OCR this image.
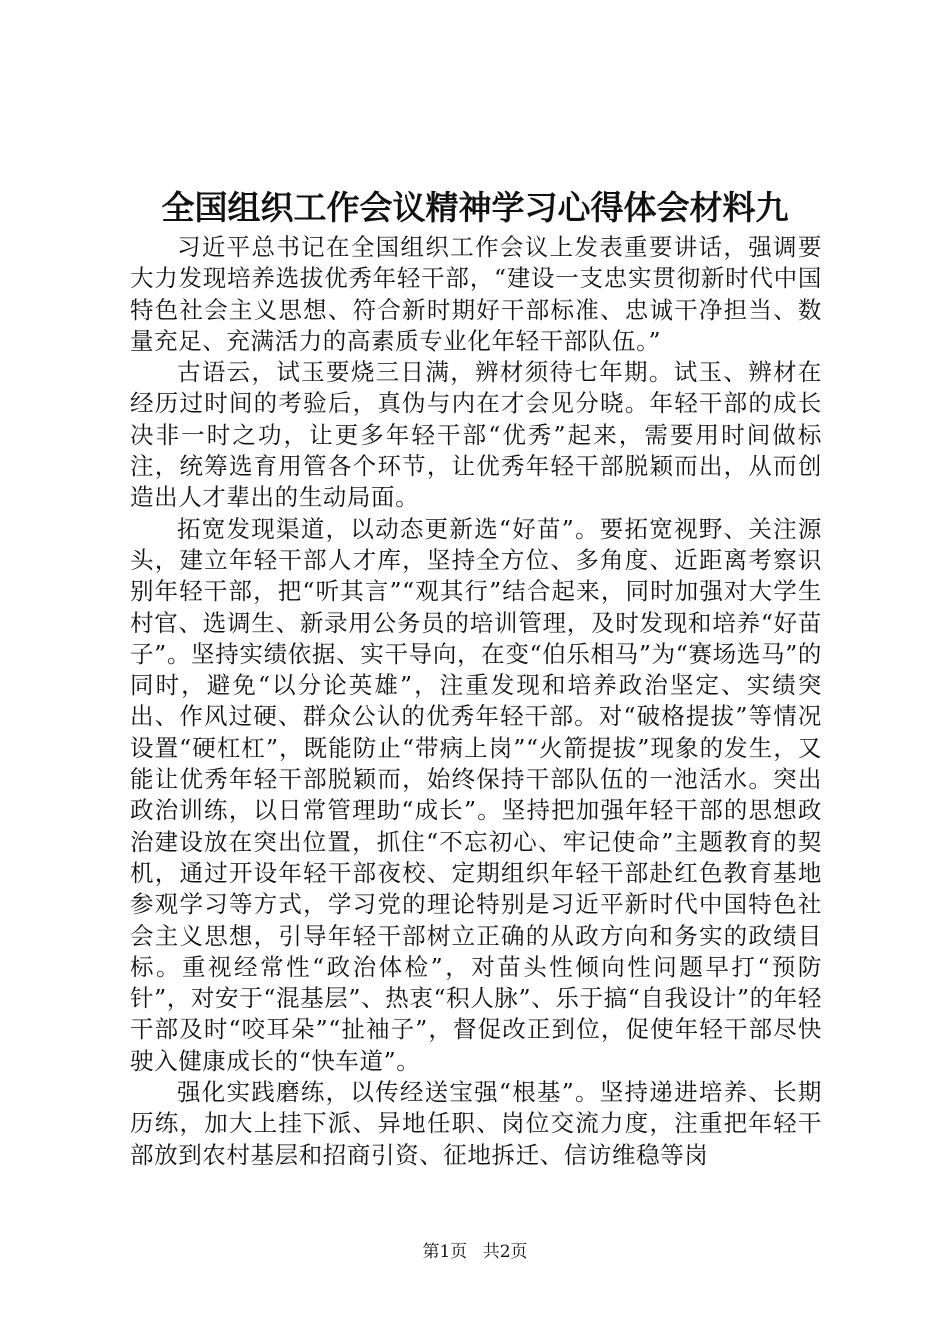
全国组织工作会议精神学习心得体会材料九

习近平总书记在全国组织工作会议上发表重要讲话，强调要大力发现培养选拔优秀年轻干部，“建设一支忠实贯彻新时代中国特色社会主义思想、符合新时期好干部标准、忠诚干净担当、数量充足、充满活力的高素质专业化年轻干部队伍。”

古语云，试玉要烧三日满，辨材须待七年期。试玉、辨材在经历过时间的考验后，真伪与内在才会见分晓。年轻干部的成长决非一时之功，让更多年轻干部“优秀”起来，需要用时间做标注，统筹选育用管各个环节，让优秀年轻干部脱颖而出，从而创造出人才辈出的生动局面。

拓宽发现渠道，以动态更新选“好苗”。要拓宽视野、关注源头，建立年轻干部人才库，坚持全方位、多角度、近距离考察识别年轻干部，把“听其言”“观其行”结合起来，同时加强对大学生村官、选调生、新录用公务员的培训管理，及时发现和培养“好苗子”。坚持实绩依据、实干导向，在变“伯乐相马”为“赛场选马”的同时，避免“以分论英雄”，注重发现和培养政治坚定、实绩突出、作风过硬、群众公认的优秀年轻干部。对“破格提拔”等情况设置“硬杠杠”，既能防止“带病上岗”“火箭提拔”现象的发生，又能让优秀年轻干部脱颖而，始终保持干部队伍的一池活水。突出政治训练，以日常管理助“成长”。坚持把加强年轻干部的思想政治建设放在突出位置，抓住“不忘初心、牢记使命”主题教育的契机，通过开设年轻干部夜校、定期组织年轻干部赴红色教育基地参观学习等方式，学习党的理论特别是习近平新时代中国特色社会主义思想，引导年轻干部树立正确的从政方向和务实的政绩目标。重视经常性“政治体检”，对苗头性倾向性问题早打“预防针”，对安于“混基层”、热衷“积人脉”、乐于搞“自我设计”的年轻干部及时“咬耳朵”“扯袖子”，督促改正到位，促使年轻干部尽快驶入健康成长的“快车道”。

强化实践磨练，以传经送宝强“根基”。坚持递进培养、长期历练，加大上挂下派、异地任职、岗位交流力度，注重把年轻干部放到农村基层和招商引资、征地拆迁、信访维稳等岗

第1页 共2页
